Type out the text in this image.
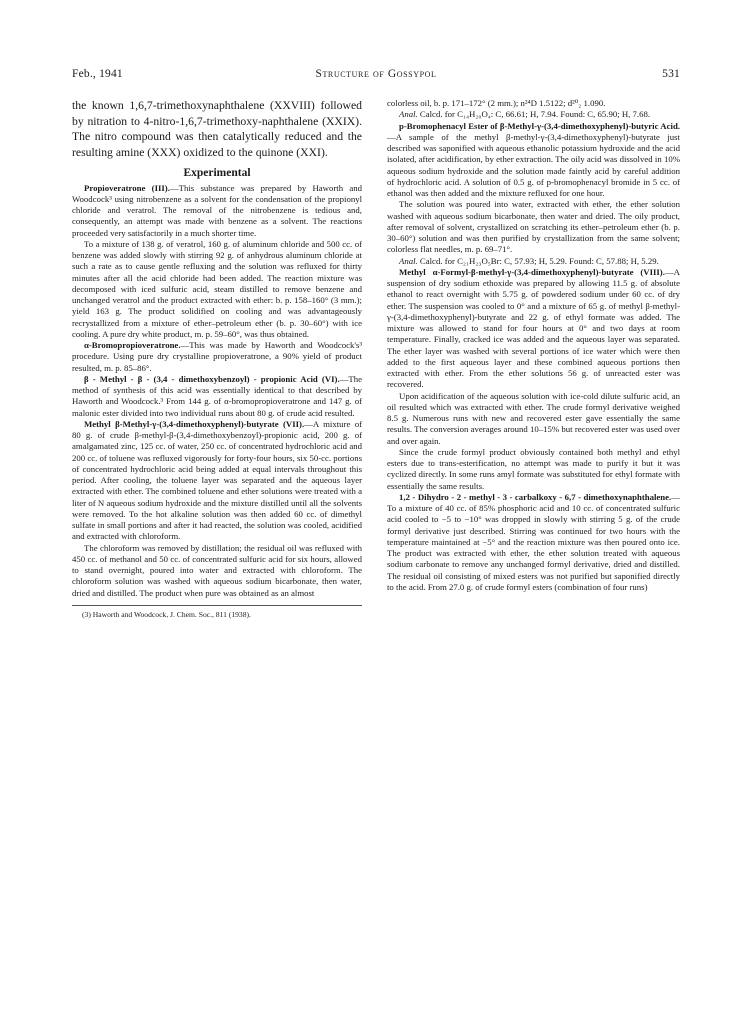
Feb., 1941	Structure of Gossypol	531

the known 1,6,7-trimethoxynaphthalene (XXVIII) followed by nitration to 4-nitro-1,6,7-trimethoxy-naphthalene (XXIX). The nitro compound was then catalytically reduced and the resulting amine (XXX) oxidized to the quinone (XXI).

Experimental

Propioveratrone (III).—This substance was prepared by Haworth and Woodcock³ using nitrobenzene as a solvent for the condensation of the propionyl chloride and veratrol. The removal of the nitrobenzene is tedious and, consequently, an attempt was made with benzene as a solvent. The reactions proceeded very satisfactorily in a much shorter time.

To a mixture of 138 g. of veratrol, 160 g. of aluminum chloride and 500 cc. of benzene was added slowly with stirring 92 g. of anhydrous aluminum chloride at such a rate as to cause gentle refluxing and the solution was refluxed for thirty minutes after all the acid chloride had been added. The reaction mixture was decomposed with iced sulfuric acid, steam distilled to remove benzene and unchanged veratrol and the product extracted with ether: b. p. 158–160° (3 mm.); yield 163 g. The product solidified on cooling and was advantageously recrystallized from a mixture of ether–petroleum ether (b. p. 30–60°) with ice cooling. A pure dry white product, m. p. 59–60°, was thus obtained.

α-Bromopropioveratrone.—This was made by Haworth and Woodcock's³ procedure. Using pure dry crystalline propioveratrone, a 90% yield of product resulted, m. p. 85–86°.

β - Methyl - β - (3,4 - dimethoxybenzoyl) - propionic Acid (VI).—The method of synthesis of this acid was essentially identical to that described by Haworth and Woodcock.³ From 144 g. of α-bromopropioveratrone and 147 g. of malonic ester divided into two individual runs about 80 g. of crude acid resulted.

Methyl β-Methyl-γ-(3,4-dimethoxyphenyl)-butyrate (VII).—A mixture of 80 g. of crude β-methyl-β-(3,4-dimethoxybenzoyl)-propionic acid, 200 g. of amalgamated zinc, 125 cc. of water, 250 cc. of concentrated hydrochloric acid and 200 cc. of toluene was refluxed vigorously for forty-four hours, six 50-cc. portions of concentrated hydrochloric acid being added at equal intervals throughout this period. After cooling, the toluene layer was separated and the aqueous layer extracted with ether. The combined toluene and ether solutions were treated with a liter of N aqueous sodium hydroxide and the mixture distilled until all the solvents were removed. To the hot alkaline solution was then added 60 cc. of dimethyl sulfate in small portions and after it had reacted, the solution was cooled, acidified and extracted with chloroform.

The chloroform was removed by distillation; the residual oil was refluxed with 450 cc. of methanol and 50 cc. of concentrated sulfuric acid for six hours, allowed to stand overnight, poured into water and extracted with chloroform. The chloroform solution was washed with aqueous sodium bicarbonate, then water, dried and distilled. The product when pure was obtained as an almost

(3) Haworth and Woodcock, J. Chem. Soc., 811 (1938).

colorless oil, b. p. 171–172° (2 mm.); n²⁴D 1.5122; d²⁰₂ 1.090.

Anal. Calcd. for C₁₄H₂₀O₄: C, 66.61; H, 7.94. Found: C, 65.90; H, 7.68.

p-Bromophenacyl Ester of β-Methyl-γ-(3,4-dimethoxyphenyl)-butyric Acid.—A sample of the methyl β-methyl-γ-(3,4-dimethoxyphenyl)-butyrate just described was saponified with aqueous ethanolic potassium hydroxide and the acid isolated, after acidification, by ether extraction. The oily acid was dissolved in 10% aqueous sodium hydroxide and the solution made faintly acid by careful addition of hydrochloric acid. A solution of 0.5 g. of p-bromophenacyl bromide in 5 cc. of ethanol was then added and the mixture refluxed for one hour.

The solution was poured into water, extracted with ether, the ether solution washed with aqueous sodium bicarbonate, then water and dried. The oily product, after removal of solvent, crystallized on scratching its ether–petroleum ether (b. p. 30–60°) solution and was then purified by crystallization from the same solvent; colorless flat needles, m. p. 69–71°.

Anal. Calcd. for C₂₁H₂₃O₅Br: C, 57.93; H, 5.29. Found: C, 57.88; H, 5.29.

Methyl α-Formyl-β-methyl-γ-(3,4-dimethoxyphenyl)-butyrate (VIII).—A suspension of dry sodium ethoxide was prepared by allowing 11.5 g. of absolute ethanol to react overnight with 5.75 g. of powdered sodium under 60 cc. of dry ether. The suspension was cooled to 0° and a mixture of 65 g. of methyl β-methyl-γ-(3,4-dimethoxyphenyl)-butyrate and 22 g. of ethyl formate was added. The mixture was allowed to stand for four hours at 0° and two days at room temperature. Finally, cracked ice was added and the aqueous layer was separated. The ether layer was washed with several portions of ice water which were then added to the first aqueous layer and these combined aqueous portions then extracted with ether. From the ether solutions 56 g. of unreacted ester was recovered.

Upon acidification of the aqueous solution with ice-cold dilute sulfuric acid, an oil resulted which was extracted with ether. The crude formyl derivative weighed 8.5 g. Numerous runs with new and recovered ester gave essentially the same results. The conversion averages around 10–15% but recovered ester was used over and over again.

Since the crude formyl product obviously contained both methyl and ethyl esters due to trans-esterification, no attempt was made to purify it but it was cyclized directly. In some runs amyl formate was substituted for ethyl formate with essentially the same results.

1,2 - Dihydro - 2 - methyl - 3 - carbalkoxy - 6,7 - dimethoxynaphthalene.—To a mixture of 40 cc. of 85% phosphoric acid and 10 cc. of concentrated sulfuric acid cooled to −5 to −10° was dropped in slowly with stirring 5 g. of the crude formyl derivative just described. Stirring was continued for two hours with the temperature maintained at −5° and the reaction mixture was then poured onto ice. The product was extracted with ether, the ether solution treated with aqueous sodium carbonate to remove any unchanged formyl derivative, dried and distilled. The residual oil consisting of mixed esters was not purified but saponified directly to the acid. From 27.0 g. of crude formyl esters (combination of four runs)
